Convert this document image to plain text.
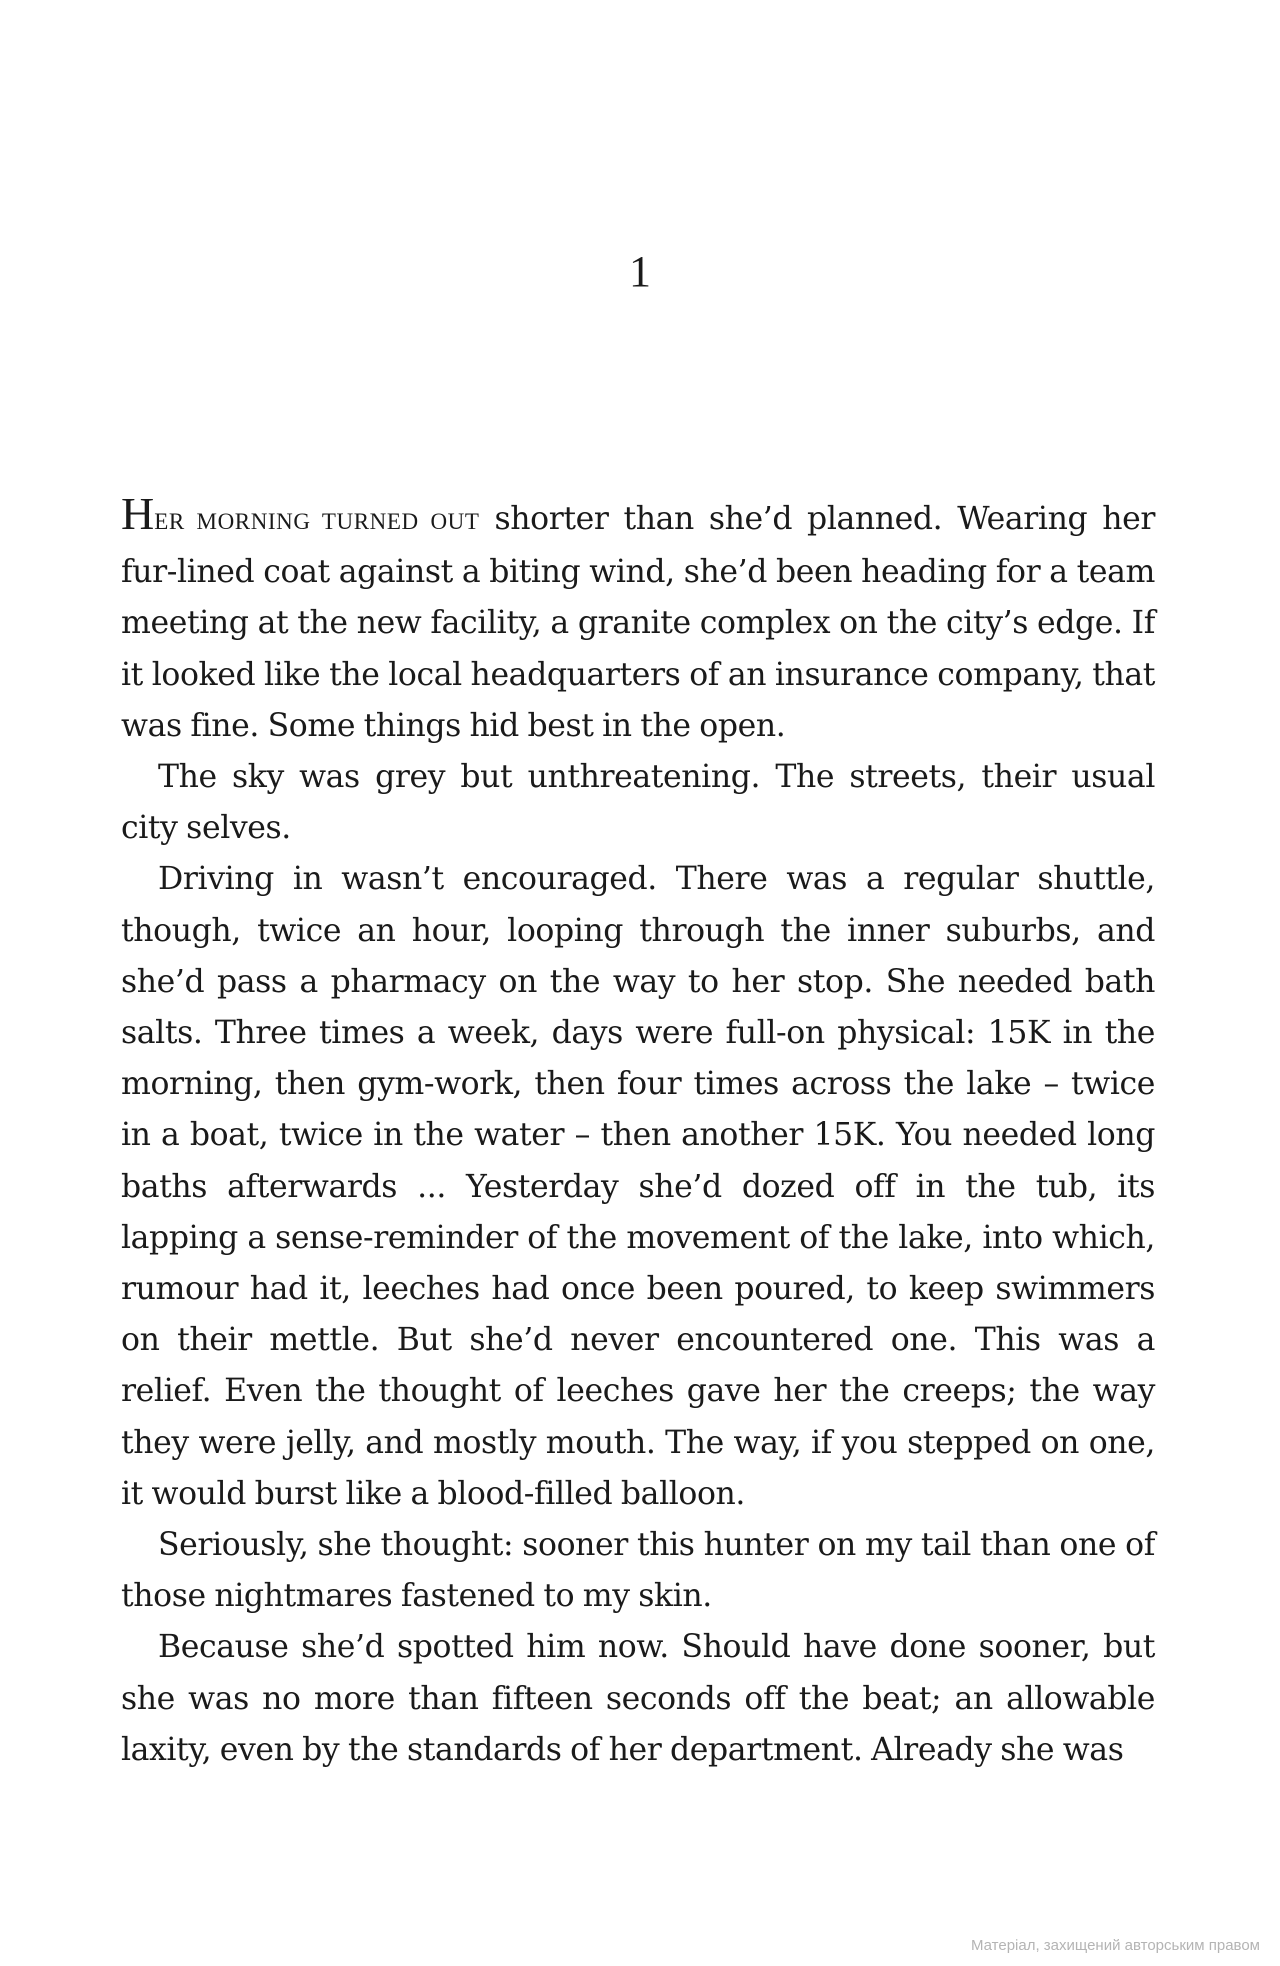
1

HER MORNING TURNED OUT shorter than she’d planned. Wearing her fur-lined coat against a biting wind, she’d been heading for a team meeting at the new facility, a granite complex on the city’s edge. If it looked like the local headquarters of an insurance company, that was fine. Some things hid best in the open.

The sky was grey but unthreatening. The streets, their usual city selves.

Driving in wasn’t encouraged. There was a regular shuttle, though, twice an hour, looping through the inner suburbs, and she’d pass a pharmacy on the way to her stop. She needed bath salts. Three times a week, days were full-on physical: 15K in the morning, then gym-work, then four times across the lake – twice in a boat, twice in the water – then another 15K. You needed long baths afterwards ... Yesterday she’d dozed off in the tub, its lapping a sense-reminder of the movement of the lake, into which, rumour had it, leeches had once been poured, to keep swimmers on their mettle. But she’d never encountered one. This was a relief. Even the thought of leeches gave her the creeps; the way they were jelly, and mostly mouth. The way, if you stepped on one, it would burst like a blood-filled balloon.

Seriously, she thought: sooner this hunter on my tail than one of those nightmares fastened to my skin.

Because she’d spotted him now. Should have done sooner, but she was no more than fifteen seconds off the beat; an allowable laxity, even by the standards of her department. Already she was

Матеріал, захищений авторським правом
